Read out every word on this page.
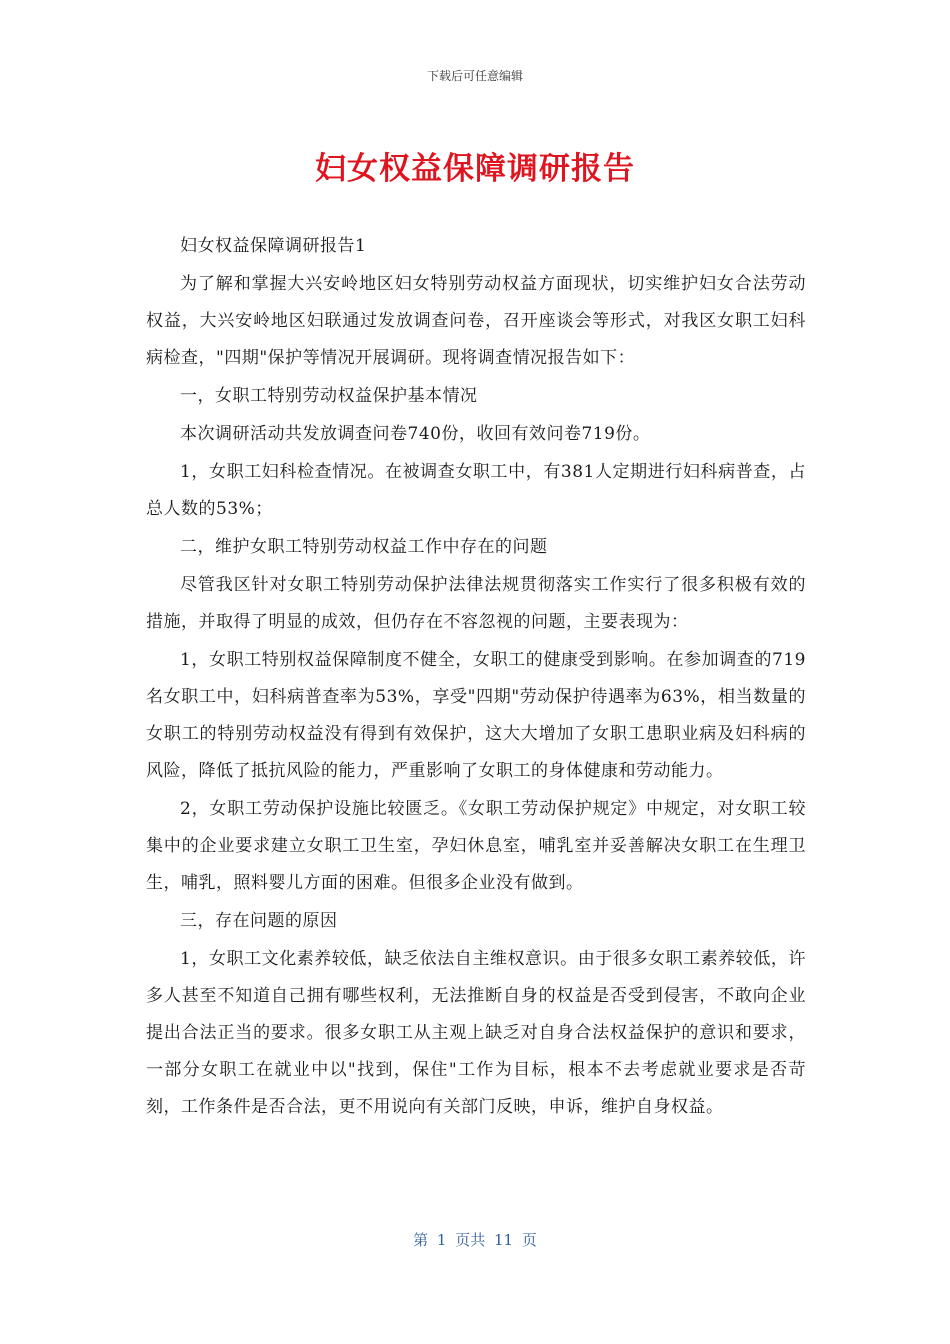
下载后可任意编辑
妇女权益保障调研报告

妇女权益保障调研报告1

为了解和掌握大兴安岭地区妇女特别劳动权益方面现状，切实维护妇女合法劳动权益，大兴安岭地区妇联通过发放调查问卷，召开座谈会等形式，对我区女职工妇科病检查，"四期"保护等情况开展调研。现将调查情况报告如下：

一，女职工特别劳动权益保护基本情况

本次调研活动共发放调查问卷740份，收回有效问卷719份。

1，女职工妇科检查情况。在被调查女职工中，有381人定期进行妇科病普查，占总人数的53%；

二，维护女职工特别劳动权益工作中存在的问题

尽管我区针对女职工特别劳动保护法律法规贯彻落实工作实行了很多积极有效的措施，并取得了明显的成效，但仍存在不容忽视的问题，主要表现为：

1，女职工特别权益保障制度不健全，女职工的健康受到影响。在参加调查的719名女职工中，妇科病普查率为53%，享受"四期"劳动保护待遇率为63%，相当数量的女职工的特别劳动权益没有得到有效保护，这大大增加了女职工患职业病及妇科病的风险，降低了抵抗风险的能力，严重影响了女职工的身体健康和劳动能力。

2，女职工劳动保护设施比较匮乏。《女职工劳动保护规定》中规定，对女职工较集中的企业要求建立女职工卫生室，孕妇休息室，哺乳室并妥善解决女职工在生理卫生，哺乳，照料婴儿方面的困难。但很多企业没有做到。

三，存在问题的原因

1，女职工文化素养较低，缺乏依法自主维权意识。由于很多女职工素养较低，许多人甚至不知道自己拥有哪些权利，无法推断自身的权益是否受到侵害，不敢向企业提出合法正当的要求。很多女职工从主观上缺乏对自身合法权益保护的意识和要求，一部分女职工在就业中以"找到，保住"工作为目标，根本不去考虑就业要求是否苛刻，工作条件是否合法，更不用说向有关部门反映，申诉，维护自身权益。

第 1 页共 11 页
